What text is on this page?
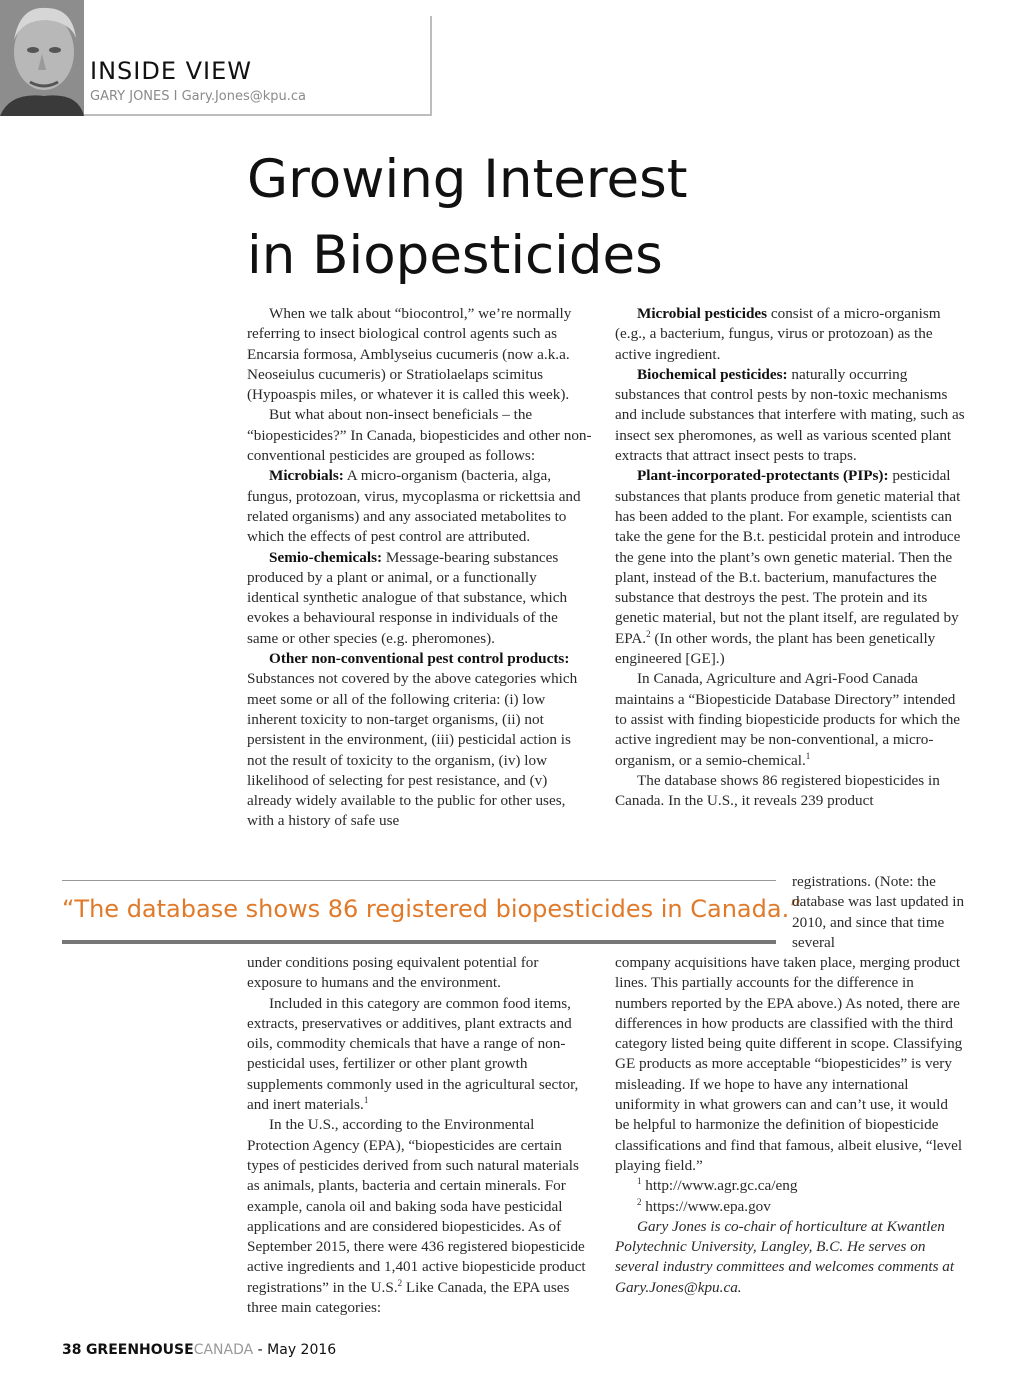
INSIDE VIEW
GARY JONES I Gary.Jones@kpu.ca
Growing Interest
in Biopesticides

When we talk about “biocontrol,” we’re normally referring to insect biological control agents such as Encarsia formosa, Amblyseius cucumeris (now a.k.a. Neoseiulus cucumeris) or Stratiolaelaps scimitus (Hypoaspis miles, or whatever it is called this week).

But what about non-insect beneficials – the “biopesticides?” In Canada, biopesticides and other non-conventional pesticides are grouped as follows:

Microbials: A micro-organism (bacteria, alga, fungus, protozoan, virus, mycoplasma or rickettsia and related organisms) and any associated metabolites to which the effects of pest control are attributed.

Semio-chemicals: Message-bearing substances produced by a plant or animal, or a functionally identical synthetic analogue of that substance, which evokes a behavioural response in individuals of the same or other species (e.g. pheromones).

Other non-conventional pest control products: Substances not covered by the above categories which meet some or all of the following criteria: (i) low inherent toxicity to non-target organisms, (ii) not persistent in the environment, (iii) pesticidal action is not the result of toxicity to the organism, (iv) low likelihood of selecting for pest resistance, and (v) already widely available to the public for other uses, with a history of safe use

“The database shows 86 registered biopesticides in Canada.”

under conditions posing equivalent potential for exposure to humans and the environment.

Included in this category are common food items, extracts, preservatives or additives, plant extracts and oils, commodity chemicals that have a range of non-pesticidal uses, fertilizer or other plant growth supplements commonly used in the agricultural sector, and inert materials.$^1$

In the U.S., according to the Environmental Protection Agency (EPA), “biopesticides are certain types of pesticides derived from such natural materials as animals, plants, bacteria and certain minerals. For example, canola oil and baking soda have pesticidal applications and are considered biopesticides. As of September 2015, there were 436 registered biopesticide active ingredients and 1,401 active biopesticide product registrations” in the U.S.$^2$ Like Canada, the EPA uses three main categories:

Microbial pesticides consist of a micro-organism (e.g., a bacterium, fungus, virus or protozoan) as the active ingredient.

Biochemical pesticides: naturally occurring substances that control pests by non-toxic mechanisms and include substances that interfere with mating, such as insect sex pheromones, as well as various scented plant extracts that attract insect pests to traps.

Plant-incorporated-protectants (PIPs): pesticidal substances that plants produce from genetic material that has been added to the plant. For example, scientists can take the gene for the B.t. pesticidal protein and introduce the gene into the plant’s own genetic material. Then the plant, instead of the B.t. bacterium, manufactures the substance that destroys the pest. The protein and its genetic material, but not the plant itself, are regulated by EPA.$^2$ (In other words, the plant has been genetically engineered [GE].)

In Canada, Agriculture and Agri-Food Canada maintains a “Biopesticide Database Directory” intended to assist with finding biopesticide products for which the active ingredient may be non-conventional, a micro-organism, or a semio-chemical.$^1$

The database shows 86 registered biopesticides in Canada. In the U.S., it reveals 239 product

registrations. (Note: the database was last updated in 2010, and since that time several

company acquisitions have taken place, merging product lines. This partially accounts for the difference in numbers reported by the EPA above.) As noted, there are differences in how products are classified with the third category listed being quite different in scope. Classifying GE products as more acceptable “biopesticides” is very misleading. If we hope to have any international uniformity in what growers can and can’t use, it would be helpful to harmonize the definition of biopesticide classifications and find that famous, albeit elusive, “level playing field.”

$^1$ http://www.agr.gc.ca/eng

$^2$ https://www.epa.gov

Gary Jones is co-chair of horticulture at Kwantlen Polytechnic University, Langley, B.C. He serves on several industry committees and welcomes comments at Gary.Jones@kpu.ca.

38 GREENHOUSECANADA - May 2016
